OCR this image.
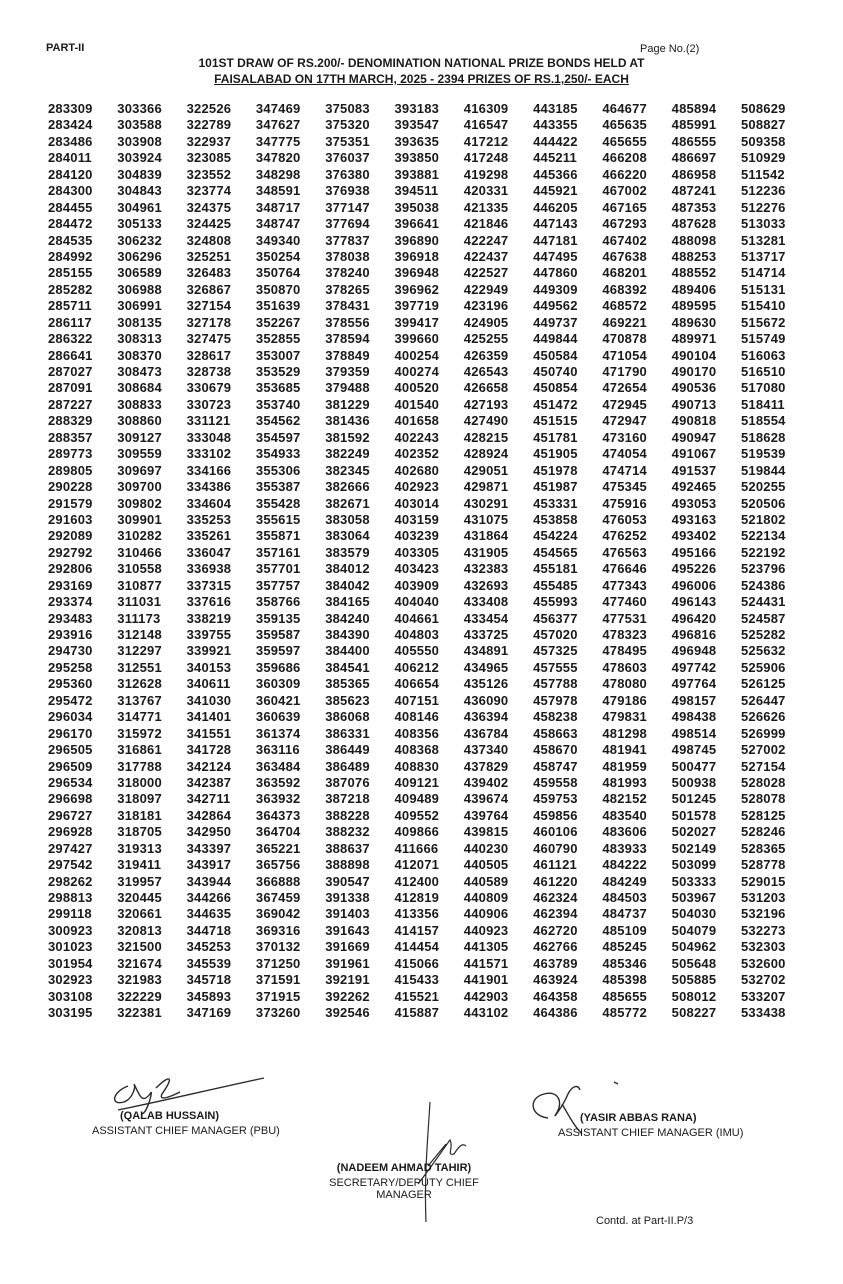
PART-II	Page No.(2)
101ST DRAW OF RS.200/- DENOMINATION NATIONAL PRIZE BONDS HELD AT
FAISALABAD ON 17TH MARCH, 2025 - 2394 PRIZES OF RS.1,250/- EACH
283309	303366	322526	347469	375083	393183	416309	443185	464677	485894	508629
283424	303588	322789	347627	375320	393547	416547	443355	465635	485991	508827
283486	303908	322937	347775	375351	393635	417212	444422	465655	486555	509358
284011	303924	323085	347820	376037	393850	417248	445211	466208	486697	510929
284120	304839	323552	348298	376380	393881	419298	445366	466220	486958	511542
284300	304843	323774	348591	376938	394511	420331	445921	467002	487241	512236
284455	304961	324375	348717	377147	395038	421335	446205	467165	487353	512276
284472	305133	324425	348747	377694	396641	421846	447143	467293	487628	513033
284535	306232	324808	349340	377837	396890	422247	447181	467402	488098	513281
284992	306296	325251	350254	378038	396918	422437	447495	467638	488253	513717
285155	306589	326483	350764	378240	396948	422527	447860	468201	488552	514714
285282	306988	326867	350870	378265	396962	422949	449309	468392	489406	515131
285711	306991	327154	351639	378431	397719	423196	449562	468572	489595	515410
286117	308135	327178	352267	378556	399417	424905	449737	469221	489630	515672
286322	308313	327475	352855	378594	399660	425255	449844	470878	489971	515749
286641	308370	328617	353007	378849	400254	426359	450584	471054	490104	516063
287027	308473	328738	353529	379359	400274	426543	450740	471790	490170	516510
287091	308684	330679	353685	379488	400520	426658	450854	472654	490536	517080
287227	308833	330723	353740	381229	401540	427193	451472	472945	490713	518411
288329	308860	331121	354562	381436	401658	427490	451515	472947	490818	518554
288357	309127	333048	354597	381592	402243	428215	451781	473160	490947	518628
289773	309559	333102	354933	382249	402352	428924	451905	474054	491067	519539
289805	309697	334166	355306	382345	402680	429051	451978	474714	491537	519844
290228	309700	334386	355387	382666	402923	429871	451987	475345	492465	520255
291579	309802	334604	355428	382671	403014	430291	453331	475916	493053	520506
291603	309901	335253	355615	383058	403159	431075	453858	476053	493163	521802
292089	310282	335261	355871	383064	403239	431864	454224	476252	493402	522134
292792	310466	336047	357161	383579	403305	431905	454565	476563	495166	522192
292806	310558	336938	357701	384012	403423	432383	455181	476646	495226	523796
293169	310877	337315	357757	384042	403909	432693	455485	477343	496006	524386
293374	311031	337616	358766	384165	404040	433408	455993	477460	496143	524431
293483	311173	338219	359135	384240	404661	433454	456377	477531	496420	524587
293916	312148	339755	359587	384390	404803	433725	457020	478323	496816	525282
294730	312297	339921	359597	384400	405550	434891	457325	478495	496948	525632
295258	312551	340153	359686	384541	406212	434965	457555	478603	497742	525906
295360	312628	340611	360309	385365	406654	435126	457788	478080	497764	526125
295472	313767	341030	360421	385623	407151	436090	457978	479186	498157	526447
296034	314771	341401	360639	386068	408146	436394	458238	479831	498438	526626
296170	315972	341551	361374	386331	408356	436784	458663	481298	498514	526999
296505	316861	341728	363116	386449	408368	437340	458670	481941	498745	527002
296509	317788	342124	363484	386489	408830	437829	458747	481959	500477	527154
296534	318000	342387	363592	387076	409121	439402	459558	481993	500938	528028
296698	318097	342711	363932	387218	409489	439674	459753	482152	501245	528078
296727	318181	342864	364373	388228	409552	439764	459856	483540	501578	528125
296928	318705	342950	364704	388232	409866	439815	460106	483606	502027	528246
297427	319313	343397	365221	388637	411666	440230	460790	483933	502149	528365
297542	319411	343917	365756	388898	412071	440505	461121	484222	503099	528778
298262	319957	343944	366888	390547	412400	440589	461220	484249	503333	529015
298813	320445	344266	367459	391338	412819	440809	462324	484503	503967	531203
299118	320661	344635	369042	391403	413356	440906	462394	484737	504030	532196
300923	320813	344718	369316	391643	414157	440923	462720	485109	504079	532273
301023	321500	345253	370132	391669	414454	441305	462766	485245	504962	532303
301954	321674	345539	371250	391961	415066	441571	463789	485346	505648	532600
302923	321983	345718	371591	392191	415433	441901	463924	485398	505885	532702
303108	322229	345893	371915	392262	415521	442903	464358	485655	508012	533207
303195	322381	347169	373260	392546	415887	443102	464386	485772	508227	533438
(QALAB HUSSAIN)
ASSISTANT CHIEF MANAGER (PBU)
(YASIR ABBAS RANA)
ASSISTANT CHIEF MANAGER (IMU)
(NADEEM AHMAD TAHIR)
SECRETARY/DEPUTY CHIEF MANAGER
Contd. at Part-II.P/3
